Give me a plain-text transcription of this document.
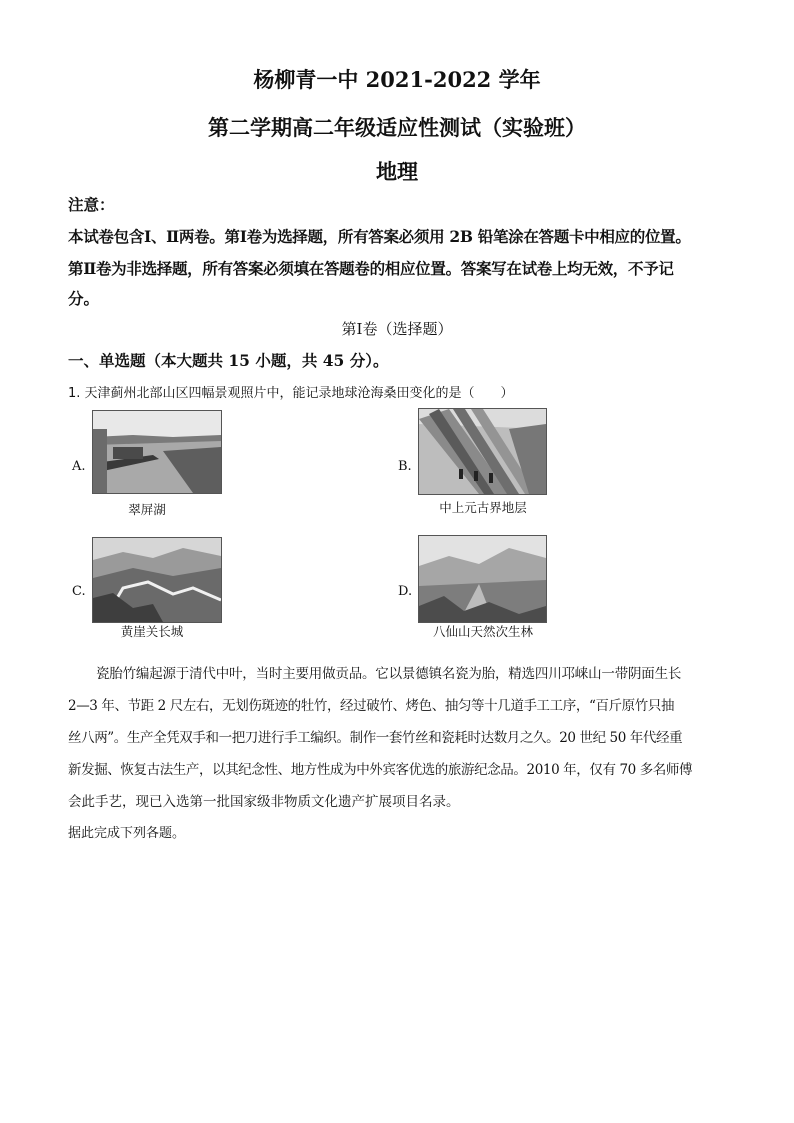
杨柳青一中 2021-2022 学年
第二学期高二年级适应性测试（实验班）
地理
注意：
本试卷包含Ⅰ、Ⅱ两卷。第Ⅰ卷为选择题，所有答案必须用 2B 铅笔涂在答题卡中相应的位置。
第Ⅱ卷为非选择题，所有答案必须填在答题卷的相应位置。答案写在试卷上均无效，不予记
分。
第Ⅰ卷（选择题）
一、单选题（本大题共 15 小题，共 45 分）。
1. 天津蓟州北部山区四幅景观照片中，能记录地球沧海桑田变化的是（　　）
A.
翠屏湖
B.
中上元古界地层
C.
黄崖关长城
D.
八仙山天然次生林
瓷胎竹编起源于清代中叶，当时主要用做贡品。它以景德镇名瓷为胎，精选四川邛崃山一带阴面生长
2—3 年、节距 2 尺左右，无划伤斑迹的牡竹，经过破竹、烤色、抽匀等十几道手工工序，“百斤原竹只抽
丝八两”。生产全凭双手和一把刀进行手工编织。制作一套竹丝和瓷耗时达数月之久。20 世纪 50 年代经重
新发掘、恢复古法生产，以其纪念性、地方性成为中外宾客优选的旅游纪念品。2010 年，仅有 70 多名师傅
会此手艺，现已入选第一批国家级非物质文化遗产扩展项目名录。
据此完成下列各题。
